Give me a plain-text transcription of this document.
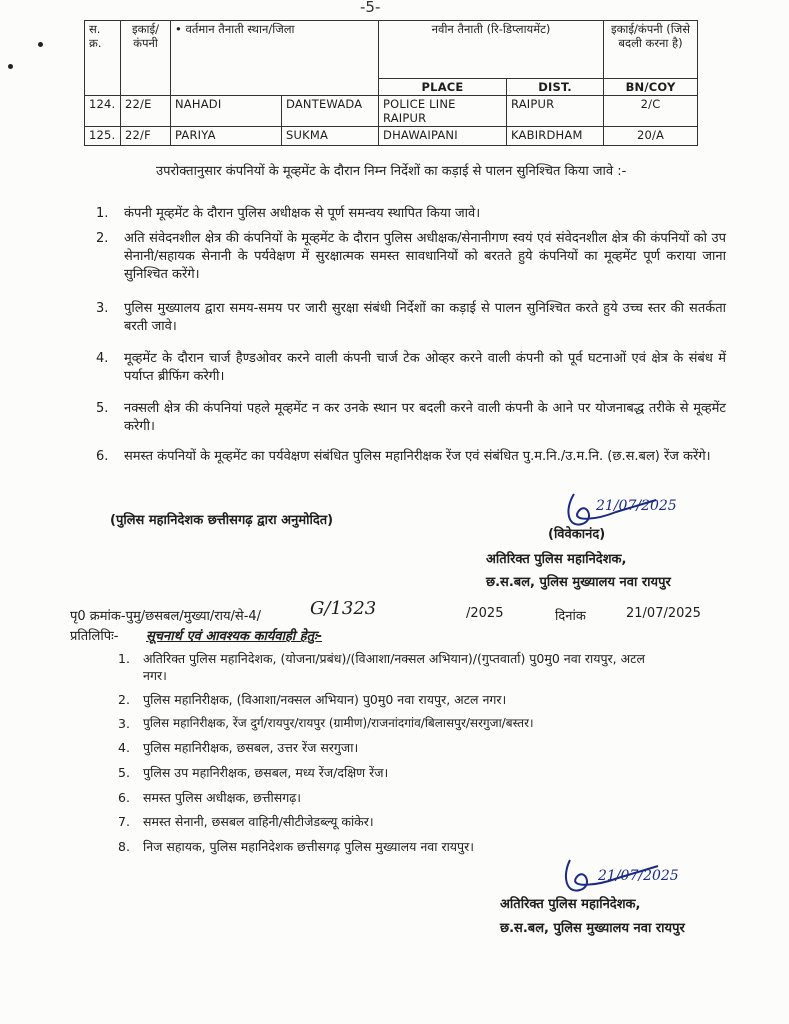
-5-
स. क्र.	इकाई/ कंपनी	• वर्तमान तैनाती स्थान/जिला		नवीन तैनाती (रि-डिप्लायमेंट)		इकाई/कंपनी (जिसे बदली करना है)
				PLACE	DIST.	BN/COY
124.	22/E	NAHADI	DANTEWADA	POLICE LINE RAIPUR	RAIPUR	2/C
125.	22/F	PARIYA	SUKMA	DHAWAIPANI	KABIRDHAM	20/A
उपरोक्तानुसार कंपनियों के मूव्हमेंट के दौरान निम्न निर्देशों का कड़ाई से पालन सुनिश्चित किया जावे :-
1. कंपनी मूव्हमेंट के दौरान पुलिस अधीक्षक से पूर्ण समन्वय स्थापित किया जावे।
2. अति संवेदनशील क्षेत्र की कंपनियों के मूव्हमेंट के दौरान पुलिस अधीक्षक/सेनानीगण स्वयं एवं संवेदनशील क्षेत्र की कंपनियों को उप सेनानी/सहायक सेनानी के पर्यवेक्षण में सुरक्षात्मक समस्त सावधानियों को बरतते हुये कंपनियों का मूव्हमेंट पूर्ण कराया जाना सुनिश्चित करेंगे।
3. पुलिस मुख्यालय द्वारा समय-समय पर जारी सुरक्षा संबंधी निर्देशों का कड़ाई से पालन सुनिश्चित करते हुये उच्च स्तर की सतर्कता बरती जावे।
4. मूव्हमेंट के दौरान चार्ज हैण्डओवर करने वाली कंपनी चार्ज टेक ओव्हर करने वाली कंपनी को पूर्व घटनाओं एवं क्षेत्र के संबंध में पर्याप्त ब्रीफिंग करेगी।
5. नक्सली क्षेत्र की कंपनियां पहले मूव्हमेंट न कर उनके स्थान पर बदली करने वाली कंपनी के आने पर योजनाबद्ध तरीके से मूव्हमेंट करेगी।
6. समस्त कंपनियों के मूव्हमेंट का पर्यवेक्षण संबंधित पुलिस महानिरीक्षक रेंज एवं संबंधित पु.म.नि./उ.म.नि. (छ.स.बल) रेंज करेंगे।
(पुलिस महानिदेशक छत्तीसगढ़ द्वारा अनुमोदित)
21/07/2025
(विवेकानंद)
अतिरिक्त पुलिस महानिदेशक,
छ.स.बल, पुलिस मुख्यालय नवा रायपुर
पृ0 क्रमांक-पुमु/छसबल/मुख्या/राय/से-4/	G/1323	/2025	दिनांक	21/07/2025
प्रतिलिपिः- सूचनार्थ एवं आवश्यक कार्यवाही हेतुः-
1. अतिरिक्त पुलिस महानिदेशक, (योजना/प्रबंध)/(विआशा/नक्सल अभियान)/(गुप्तवार्ता) पु0मु0 नवा रायपुर, अटल नगर।
2. पुलिस महानिरीक्षक, (विआशा/नक्सल अभियान) पु0मु0 नवा रायपुर, अटल नगर।
3. पुलिस महानिरीक्षक, रेंज दुर्ग/रायपुर/रायपुर (ग्रामीण)/राजनांदगांव/बिलासपुर/सरगुजा/बस्तर।
4. पुलिस महानिरीक्षक, छसबल, उत्तर रेंज सरगुजा।
5. पुलिस उप महानिरीक्षक, छसबल, मध्य रेंज/दक्षिण रेंज।
6. समस्त पुलिस अधीक्षक, छत्तीसगढ़।
7. समस्त सेनानी, छसबल वाहिनी/सीटीजेडब्ल्यू कांकेर।
8. निज सहायक, पुलिस महानिदेशक छत्तीसगढ़ पुलिस मुख्यालय नवा रायपुर।
21/07/2025
अतिरिक्त पुलिस महानिदेशक,
छ.स.बल, पुलिस मुख्यालय नवा रायपुर
